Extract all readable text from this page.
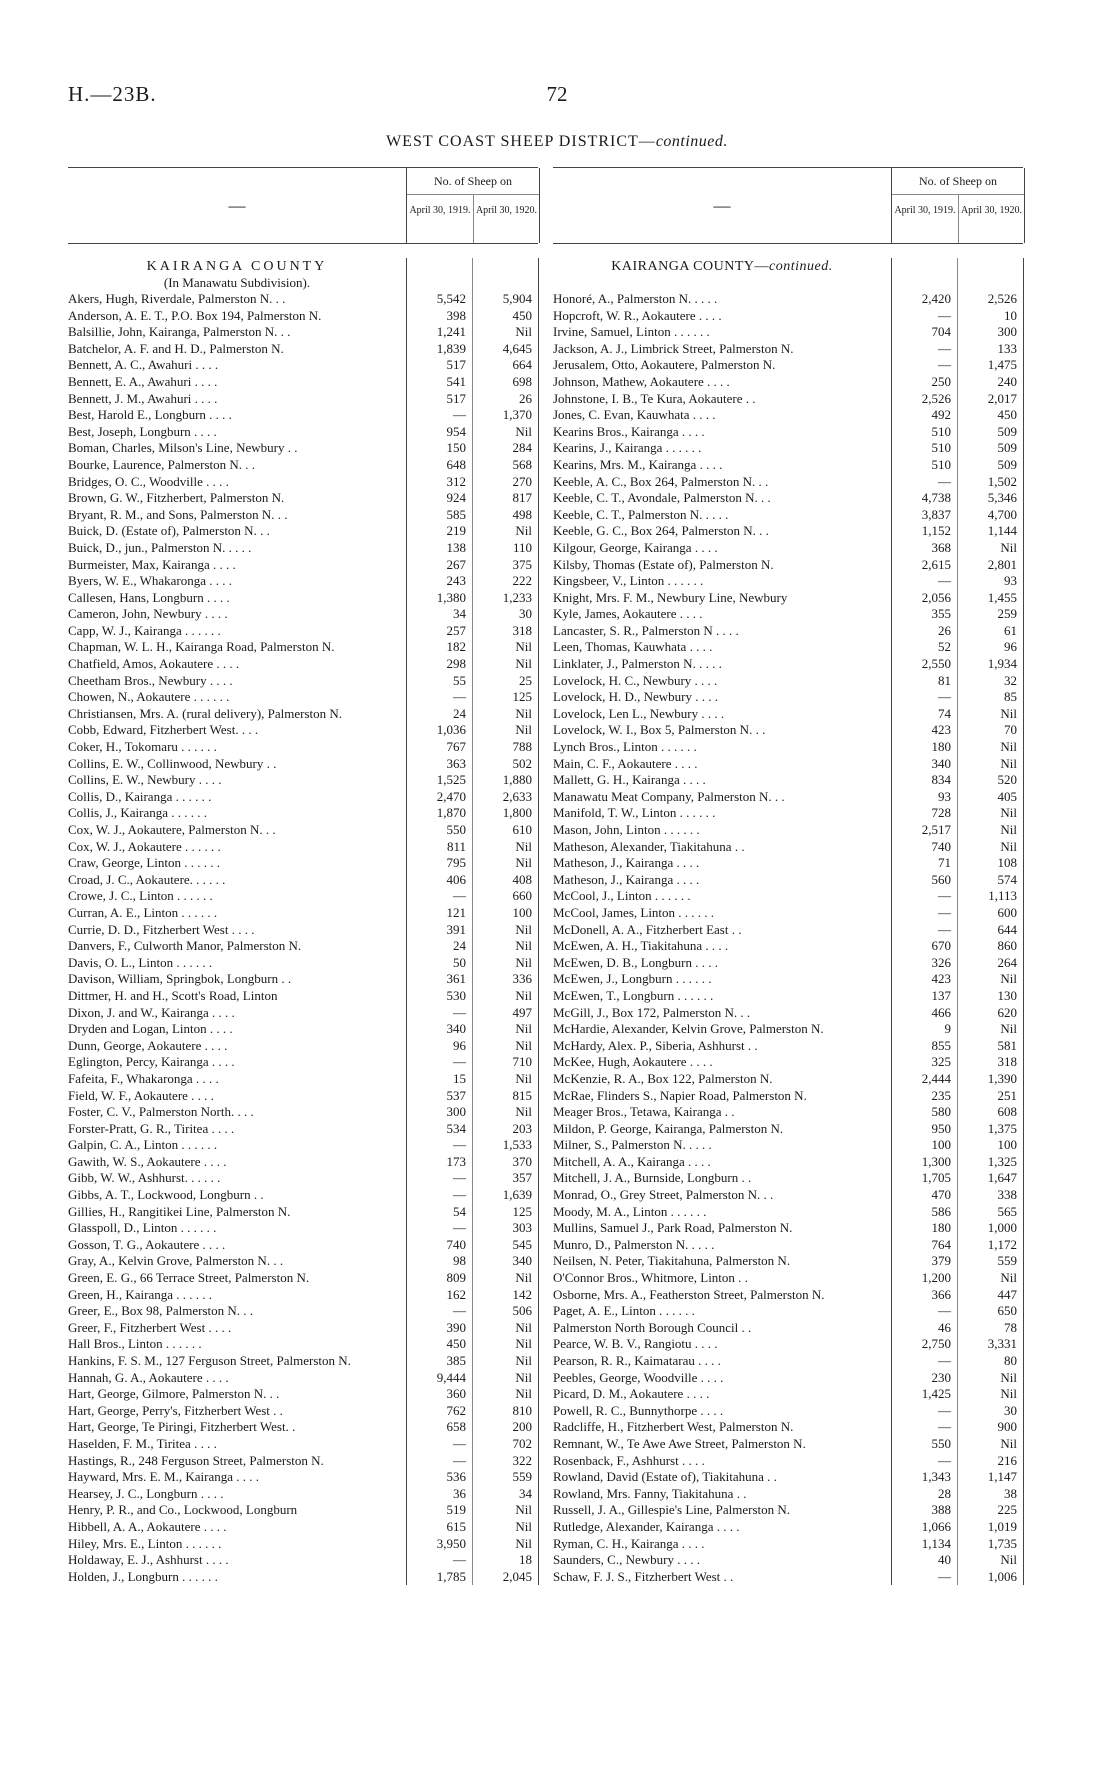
H.—23B.	72
WEST COAST SHEEP DISTRICT—continued.
—
No. of Sheep on
April 30, 1919. April 30, 1920.
KAIRANGA COUNTY
(In Manawatu Subdivision).
Akers, Hugh, Riverdale, Palmerston N. . .	5,542	5,904
Anderson, A. E. T., P.O. Box 194, Palmerston N.	398	450
Balsillie, John, Kairanga, Palmerston N. . .	1,241	Nil
Batchelor, A. F. and H. D., Palmerston N.	1,839	4,645
Bennett, A. C., Awahuri . . . .	517	664
Bennett, E. A., Awahuri . . . .	541	698
Bennett, J. M., Awahuri . . . .	517	26
Best, Harold E., Longburn . . . .	—	1,370
Best, Joseph, Longburn . . . .	954	Nil
Boman, Charles, Milson's Line, Newbury . .	150	284
Bourke, Laurence, Palmerston N. . .	648	568
Bridges, O. C., Woodville . . . .	312	270
Brown, G. W., Fitzherbert, Palmerston N.	924	817
Bryant, R. M., and Sons, Palmerston N. . .	585	498
Buick, D. (Estate of), Palmerston N. . .	219	Nil
Buick, D., jun., Palmerston N. . . . .	138	110
Burmeister, Max, Kairanga . . . .	267	375
Byers, W. E., Whakaronga . . . .	243	222
Callesen, Hans, Longburn . . . .	1,380	1,233
Cameron, John, Newbury . . . .	34	30
Capp, W. J., Kairanga . . . . . .	257	318
Chapman, W. L. H., Kairanga Road, Palmerston N.	182	Nil
Chatfield, Amos, Aokautere . . . .	298	Nil
Cheetham Bros., Newbury . . . .	55	25
Chowen, N., Aokautere . . . . . .	—	125
Christiansen, Mrs. A. (rural delivery), Palmerston N.	24	Nil
Cobb, Edward, Fitzherbert West. . . .	1,036	Nil
Coker, H., Tokomaru . . . . . .	767	788
Collins, E. W., Collinwood, Newbury . .	363	502
Collins, E. W., Newbury . . . .	1,525	1,880
Collis, D., Kairanga . . . . . .	2,470	2,633
Collis, J., Kairanga . . . . . .	1,870	1,800
Cox, W. J., Aokautere, Palmerston N. . .	550	610
Cox, W. J., Aokautere . . . . . .	811	Nil
Craw, George, Linton . . . . . .	795	Nil
Croad, J. C., Aokautere. . . . . .	406	408
Crowe, J. C., Linton . . . . . .	—	660
Curran, A. E., Linton . . . . . .	121	100
Currie, D. D., Fitzherbert West . . . .	391	Nil
Danvers, F., Culworth Manor, Palmerston N.	24	Nil
Davis, O. L., Linton . . . . . .	50	Nil
Davison, William, Springbok, Longburn . .	361	336
Dittmer, H. and H., Scott's Road, Linton	530	Nil
Dixon, J. and W., Kairanga . . . .	—	497
Dryden and Logan, Linton . . . .	340	Nil
Dunn, George, Aokautere . . . .	96	Nil
Eglington, Percy, Kairanga . . . .	—	710
Fafeita, F., Whakaronga . . . .	15	Nil
Field, W. F., Aokautere . . . .	537	815
Foster, C. V., Palmerston North. . . .	300	Nil
Forster-Pratt, G. R., Tiritea . . . .	534	203
Galpin, C. A., Linton . . . . . .	—	1,533
Gawith, W. S., Aokautere . . . .	173	370
Gibb, W. W., Ashhurst. . . . . .	—	357
Gibbs, A. T., Lockwood, Longburn . .	—	1,639
Gillies, H., Rangitikei Line, Palmerston N.	54	125
Glasspoll, D., Linton . . . . . .	—	303
Gosson, T. G., Aokautere . . . .	740	545
Gray, A., Kelvin Grove, Palmerston N. . .	98	340
Green, E. G., 66 Terrace Street, Palmerston N.	809	Nil
Green, H., Kairanga . . . . . .	162	142
Greer, E., Box 98, Palmerston N. . .	—	506
Greer, F., Fitzherbert West . . . .	390	Nil
Hall Bros., Linton . . . . . .	450	Nil
Hankins, F. S. M., 127 Ferguson Street, Palmerston N.	385	Nil
Hannah, G. A., Aokautere . . . .	9,444	Nil
Hart, George, Gilmore, Palmerston N. . .	360	Nil
Hart, George, Perry's, Fitzherbert West . .	762	810
Hart, George, Te Piringi, Fitzherbert West. .	658	200
Haselden, F. M., Tiritea . . . .	—	702
Hastings, R., 248 Ferguson Street, Palmerston N.	—	322
Hayward, Mrs. E. M., Kairanga . . . .	536	559
Hearsey, J. C., Longburn . . . .	36	34
Henry, P. R., and Co., Lockwood, Longburn	519	Nil
Hibbell, A. A., Aokautere . . . .	615	Nil
Hiley, Mrs. E., Linton . . . . . .	3,950	Nil
Holdaway, E. J., Ashhurst . . . .	—	18
Holden, J., Longburn . . . . . .	1,785	2,045
—
No. of Sheep on
April 30, 1919. April 30, 1920.
KAIRANGA COUNTY—continued.
Honoré, A., Palmerston N. . . . .	2,420	2,526
Hopcroft, W. R., Aokautere . . . .	—	10
Irvine, Samuel, Linton . . . . . .	704	300
Jackson, A. J., Limbrick Street, Palmerston N.	—	133
Jerusalem, Otto, Aokautere, Palmerston N.	—	1,475
Johnson, Mathew, Aokautere . . . .	250	240
Johnstone, I. B., Te Kura, Aokautere . .	2,526	2,017
Jones, C. Evan, Kauwhata . . . .	492	450
Kearins Bros., Kairanga . . . .	510	509
Kearins, J., Kairanga . . . . . .	510	509
Kearins, Mrs. M., Kairanga . . . .	510	509
Keeble, A. C., Box 264, Palmerston N. . .	—	1,502
Keeble, C. T., Avondale, Palmerston N. . .	4,738	5,346
Keeble, C. T., Palmerston N. . . . .	3,837	4,700
Keeble, G. C., Box 264, Palmerston N. . .	1,152	1,144
Kilgour, George, Kairanga . . . .	368	Nil
Kilsby, Thomas (Estate of), Palmerston N.	2,615	2,801
Kingsbeer, V., Linton . . . . . .	—	93
Knight, Mrs. F. M., Newbury Line, Newbury	2,056	1,455
Kyle, James, Aokautere . . . .	355	259
Lancaster, S. R., Palmerston N . . . .	26	61
Leen, Thomas, Kauwhata . . . .	52	96
Linklater, J., Palmerston N. . . . .	2,550	1,934
Lovelock, H. C., Newbury . . . .	81	32
Lovelock, H. D., Newbury . . . .	—	85
Lovelock, Len L., Newbury . . . .	74	Nil
Lovelock, W. I., Box 5, Palmerston N. . .	423	70
Lynch Bros., Linton . . . . . .	180	Nil
Main, C. F., Aokautere . . . .	340	Nil
Mallett, G. H., Kairanga . . . .	834	520
Manawatu Meat Company, Palmerston N. . .	93	405
Manifold, T. W., Linton . . . . . .	728	Nil
Mason, John, Linton . . . . . .	2,517	Nil
Matheson, Alexander, Tiakitahuna . .	740	Nil
Matheson, J., Kairanga . . . .	71	108
Matheson, J., Kairanga . . . .	560	574
McCool, J., Linton . . . . . .	—	1,113
McCool, James, Linton . . . . . .	—	600
McDonell, A. A., Fitzherbert East . .	—	644
McEwen, A. H., Tiakitahuna . . . .	670	860
McEwen, D. B., Longburn . . . .	326	264
McEwen, J., Longburn . . . . . .	423	Nil
McEwen, T., Longburn . . . . . .	137	130
McGill, J., Box 172, Palmerston N. . .	466	620
McHardie, Alexander, Kelvin Grove, Palmerston N.	9	Nil
McHardy, Alex. P., Siberia, Ashhurst . .	855	581
McKee, Hugh, Aokautere . . . .	325	318
McKenzie, R. A., Box 122, Palmerston N.	2,444	1,390
McRae, Flinders S., Napier Road, Palmerston N.	235	251
Meager Bros., Tetawa, Kairanga . .	580	608
Mildon, P. George, Kairanga, Palmerston N.	950	1,375
Milner, S., Palmerston N. . . . .	100	100
Mitchell, A. A., Kairanga . . . .	1,300	1,325
Mitchell, J. A., Burnside, Longburn . .	1,705	1,647
Monrad, O., Grey Street, Palmerston N. . .	470	338
Moody, M. A., Linton . . . . . .	586	565
Mullins, Samuel J., Park Road, Palmerston N.	180	1,000
Munro, D., Palmerston N. . . . .	764	1,172
Neilsen, N. Peter, Tiakitahuna, Palmerston N.	379	559
O'Connor Bros., Whitmore, Linton . .	1,200	Nil
Osborne, Mrs. A., Featherston Street, Palmerston N.	366	447
Paget, A. E., Linton . . . . . .	—	650
Palmerston North Borough Council . .	46	78
Pearce, W. B. V., Rangiotu . . . .	2,750	3,331
Pearson, R. R., Kaimatarau . . . .	—	80
Peebles, George, Woodville . . . .	230	Nil
Picard, D. M., Aokautere . . . .	1,425	Nil
Powell, R. C., Bunnythorpe . . . .	—	30
Radcliffe, H., Fitzherbert West, Palmerston N.	—	900
Remnant, W., Te Awe Awe Street, Palmerston N.	550	Nil
Rosenback, F., Ashhurst . . . .	—	216
Rowland, David (Estate of), Tiakitahuna . .	1,343	1,147
Rowland, Mrs. Fanny, Tiakitahuna . .	28	38
Russell, J. A., Gillespie's Line, Palmerston N.	388	225
Rutledge, Alexander, Kairanga . . . .	1,066	1,019
Ryman, C. H., Kairanga . . . .	1,134	1,735
Saunders, C., Newbury . . . .	40	Nil
Schaw, F. J. S., Fitzherbert West . .	—	1,006
